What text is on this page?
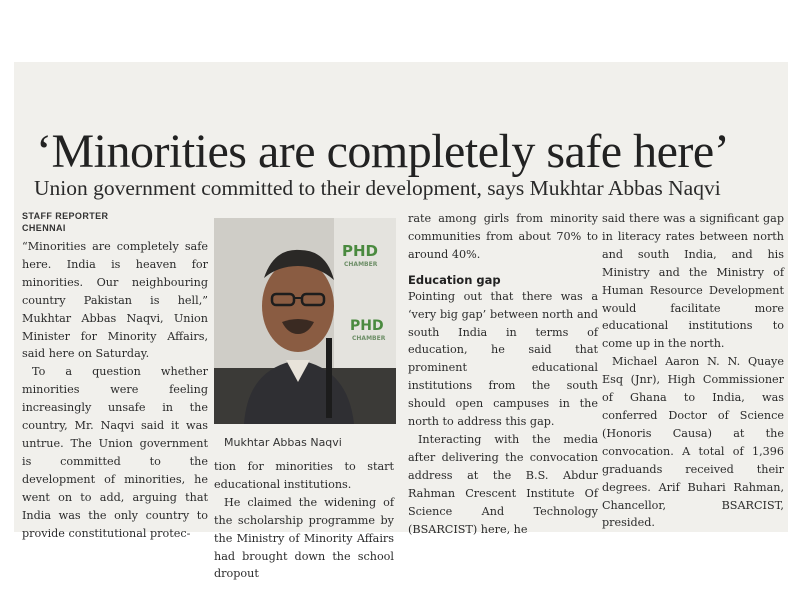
‘Minorities are completely safe here’
Union government committed to their development, says Mukhtar Abbas Naqvi
STAFF REPORTER
CHENNAI

“Minorities are completely safe here. India is heaven for minorities. Our neighbouring country Pakistan is hell,” Mukhtar Abbas Naqvi, Union Minister for Minority Affairs, said here on Saturday.

To a question whether minorities were feeling increasingly unsafe in the country, Mr. Naqvi said it was untrue. The Union government is committed to the development of minorities, he went on to add, arguing that India was the only country to provide constitutional protec-

PHD
CHAMBER
PHD
CHAMBER
Mukhtar Abbas Naqvi

tion for minorities to start educational institutions.

He claimed the widening of the scholarship programme by the Ministry of Minority Affairs had brought down the school dropout

rate among girls from minority communities from about 70% to around 40%.

Education gap

Pointing out that there was a ‘very big gap’ between north and south India in terms of education, he said that prominent educational institutions from the south should open campuses in the north to address this gap.

Interacting with the media after delivering the convocation address at the B.S. Abdur Rahman Crescent Institute Of Science And Technology (BSARCIST) here, he

said there was a significant gap in literacy rates between north and south India, and his Ministry and the Ministry of Human Resource Development would facilitate more educational institutions to come up in the north.

Michael Aaron N. N. Quaye Esq (Jnr), High Commissioner of Ghana to India, was conferred Doctor of Science (Honoris Causa) at the convocation. A total of 1,396 graduands received their degrees. Arif Buhari Rahman, Chancellor, BSARCIST, presided.
